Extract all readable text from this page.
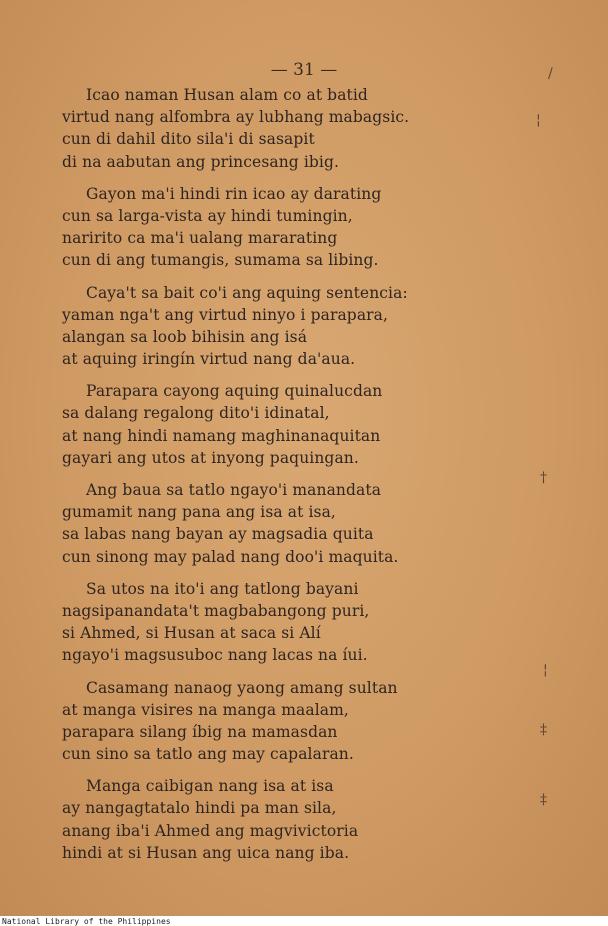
— 31 —
Icao naman Husan alam co at batid
virtud nang alfombra ay lubhang mabagsic.
cun di dahil dito sila'i di sasapit
di na aabutan ang princesang ibig.
Gayon ma'i hindi rin icao ay darating
cun sa larga-vista ay hindi tumingin,
naririto ca ma'i ualang mararating
cun di ang tumangis, sumama sa libing.
Caya't sa bait co'i ang aquing sentencia:
yaman nga't ang virtud ninyo i parapara,
alangan sa loob bihisin ang isá
at aquing iringín virtud nang da'aua.
Parapara cayong aquing quinalucdan
sa dalang regalong dito'i idinatal,
at nang hindi namang maghinanaquitan
gayari ang utos at inyong paquingan.
Ang baua sa tatlo ngayo'i manandata
gumamit nang pana ang isa at isa,
sa labas nang bayan ay magsadia quita
cun sinong may palad nang doo'i maquita.
Sa utos na ito'i ang tatlong bayani
nagsipanandata't magbabangong puri,
si Ahmed, si Husan at saca si Alí
ngayo'i magsusuboc nang lacas na íui.
Casamang nanaog yaong amang sultan
at manga visires na manga maalam,
parapara silang íbig na mamasdan
cun sino sa tatlo ang may capalaran.
Manga caibigan nang isa at isa
ay nangagtatalo hindi pa man sila,
anang iba'i Ahmed ang magvivictoria
hindi at si Husan ang uica nang iba.
/
¦
†
¦
‡
‡
National Library of the Philippines
